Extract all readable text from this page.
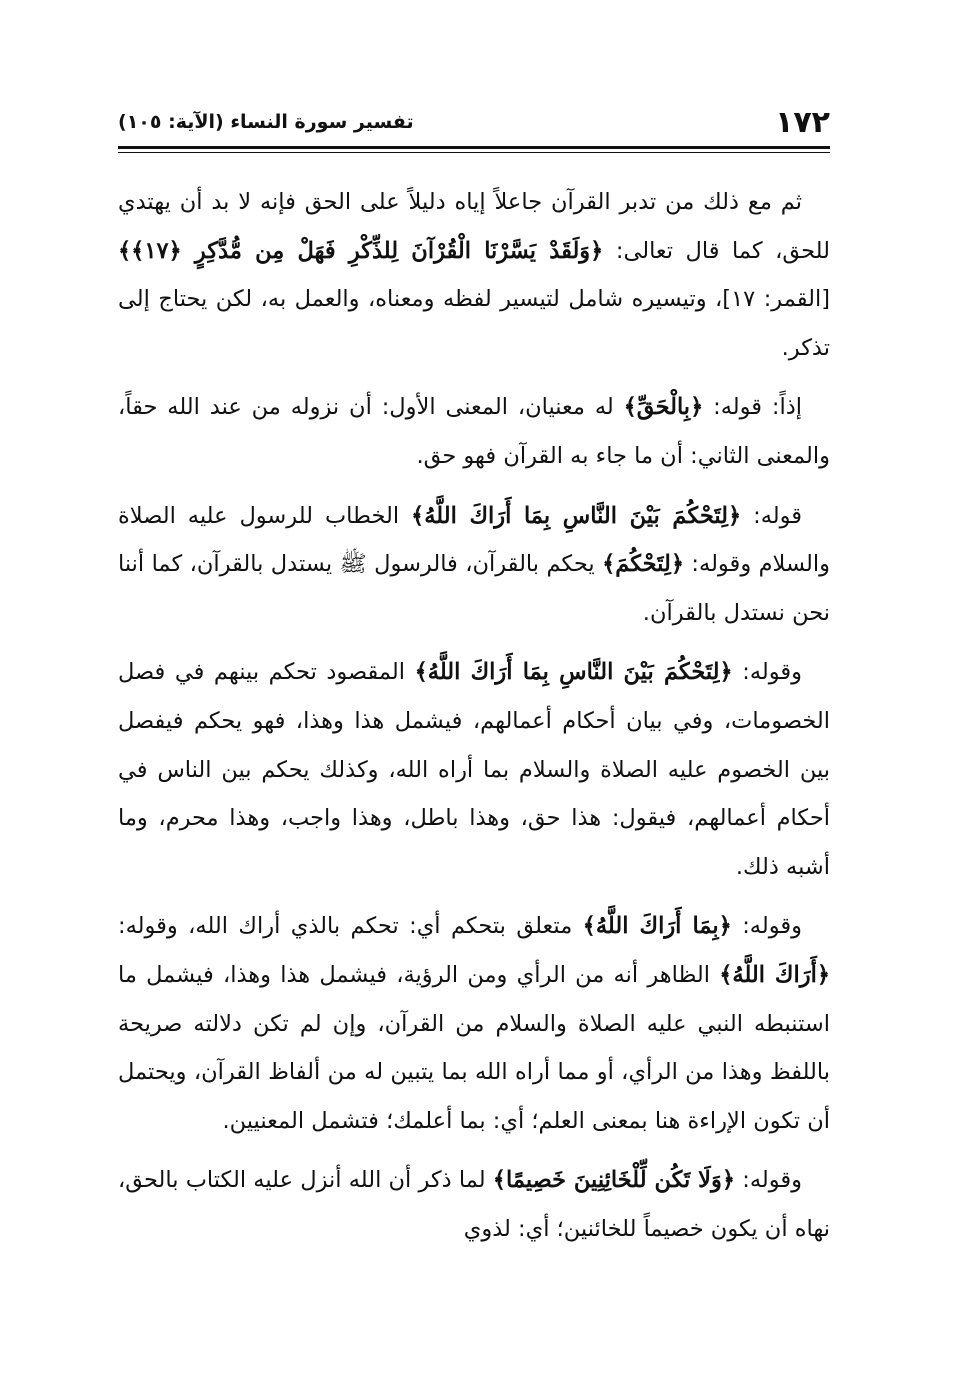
١٧٢
تفسير سورة النساء (الآية: ١٠٥)

ثم مع ذلك من تدبر القرآن جاعلاً إياه دليلاً على الحق فإنه لا بد أن يهتدي للحق، كما قال تعالى: ﴿وَلَقَدْ يَسَّرْنَا الْقُرْآنَ لِلذِّكْرِ فَهَلْ مِن مُّدَّكِرٍ ﴿١٧﴾﴾ [القمر: ١٧]، وتيسيره شامل لتيسير لفظه ومعناه، والعمل به، لكن يحتاج إلى تذكر.

إذاً: قوله: ﴿بِالْحَقِّ﴾ له معنيان، المعنى الأول: أن نزوله من عند الله حقاً، والمعنى الثاني: أن ما جاء به القرآن فهو حق.

قوله: ﴿لِتَحْكُمَ بَيْنَ النَّاسِ بِمَا أَرَاكَ اللَّهُ﴾ الخطاب للرسول عليه الصلاة والسلام وقوله: ﴿لِتَحْكُمَ﴾ يحكم بالقرآن، فالرسول ﷺ يستدل بالقرآن، كما أننا نحن نستدل بالقرآن.

وقوله: ﴿لِتَحْكُمَ بَيْنَ النَّاسِ بِمَا أَرَاكَ اللَّهُ﴾ المقصود تحكم بينهم في فصل الخصومات، وفي بيان أحكام أعمالهم، فيشمل هذا وهذا، فهو يحكم فيفصل بين الخصوم عليه الصلاة والسلام بما أراه الله، وكذلك يحكم بين الناس في أحكام أعمالهم، فيقول: هذا حق، وهذا باطل، وهذا واجب، وهذا محرم، وما أشبه ذلك.

وقوله: ﴿بِمَا أَرَاكَ اللَّهُ﴾ متعلق بتحكم أي: تحكم بالذي أراك الله، وقوله: ﴿أَرَاكَ اللَّهُ﴾ الظاهر أنه من الرأي ومن الرؤية، فيشمل هذا وهذا، فيشمل ما استنبطه النبي عليه الصلاة والسلام من القرآن، وإن لم تكن دلالته صريحة باللفظ وهذا من الرأي، أو مما أراه الله بما يتبين له من ألفاظ القرآن، ويحتمل أن تكون الإراءة هنا بمعنى العلم؛ أي: بما أعلمك؛ فتشمل المعنيين.

وقوله: ﴿وَلَا تَكُن لِّلْخَائِنِينَ خَصِيمًا﴾ لما ذكر أن الله أنزل عليه الكتاب بالحق، نهاه أن يكون خصيماً للخائنين؛ أي: لذوي
